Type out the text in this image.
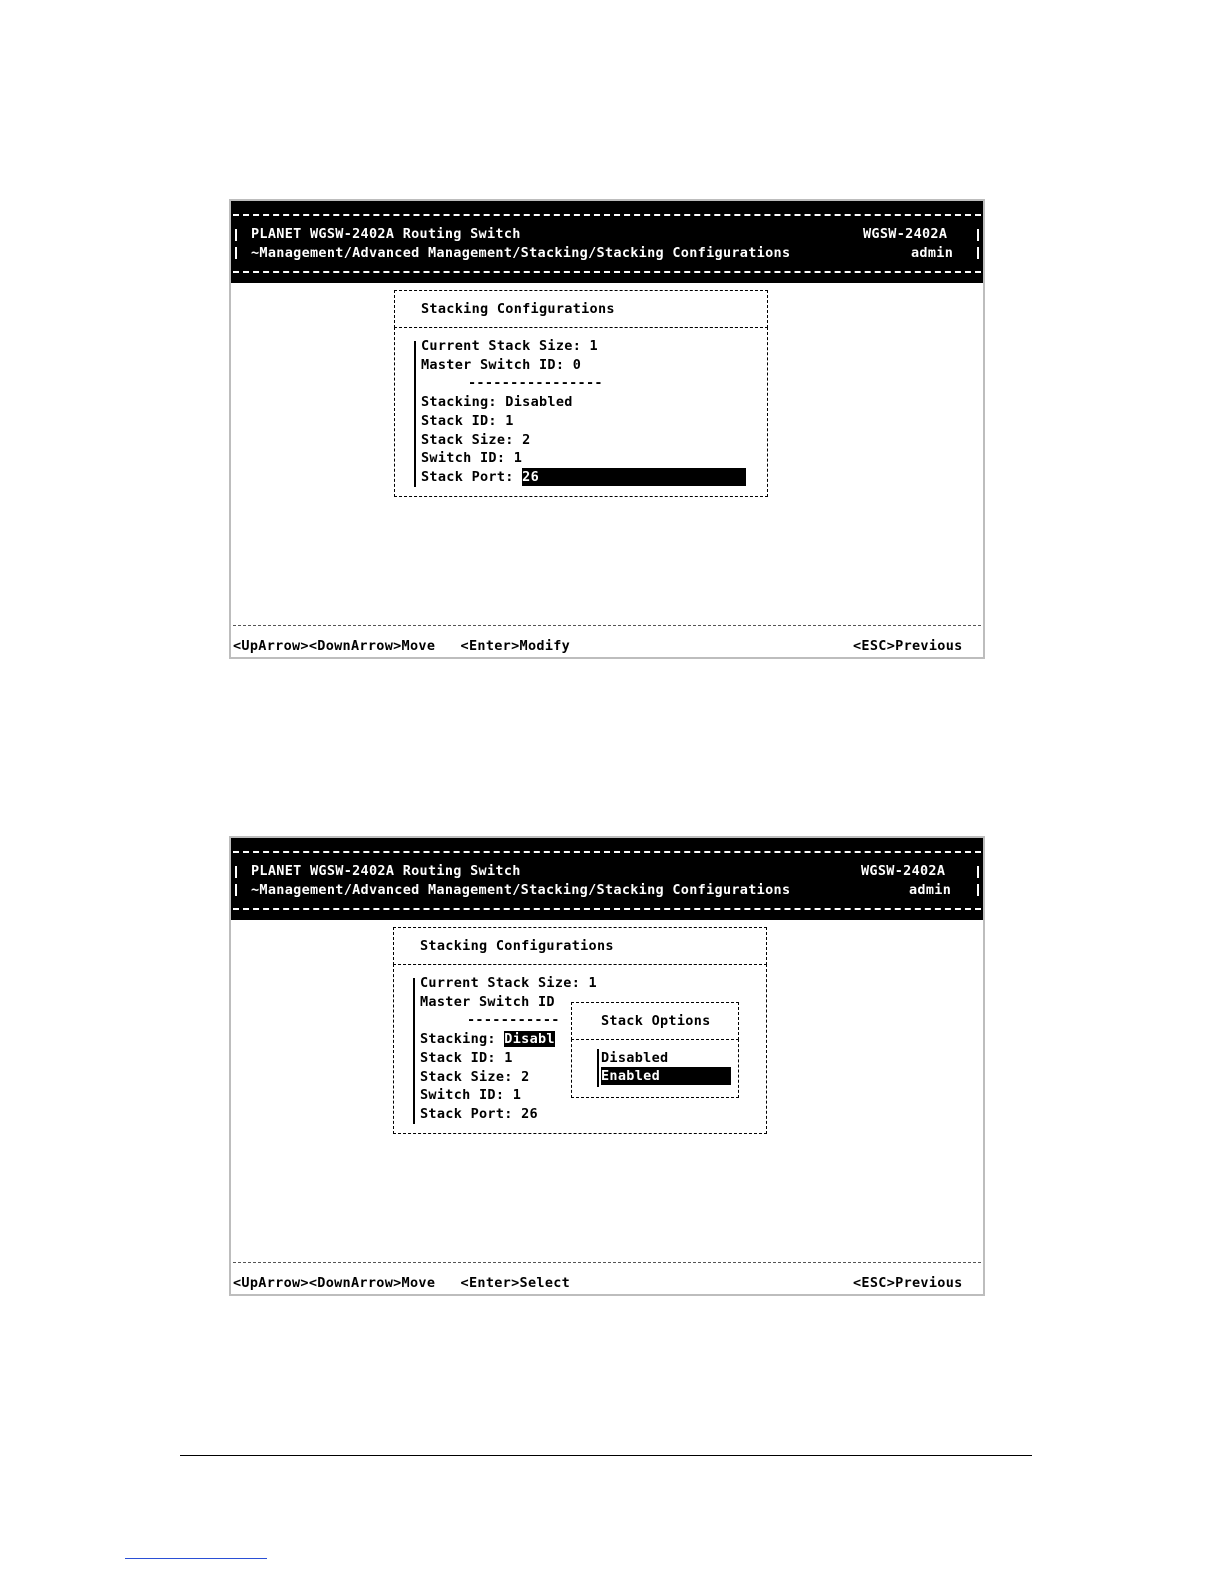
PLANET WGSW-2402A Routing Switch	WGSW-2402A
~Management/Advanced Management/Stacking/Stacking Configurations	admin
Stacking Configurations
Current Stack Size: 1
Master Switch ID: 0
----------------
Stacking: Disabled
Stack ID: 1
Stack Size: 2
Switch ID: 1
Stack Port: 26
<UpArrow><DownArrow>Move   <Enter>Modify	<ESC>Previous
PLANET WGSW-2402A Routing Switch	WGSW-2402A
~Management/Advanced Management/Stacking/Stacking Configurations	admin
Stacking Configurations
Current Stack Size: 1
Master Switch ID
-----------
Stacking: Disabl
Stack ID: 1
Stack Size: 2
Switch ID: 1
Stack Port: 26
Stack Options
Disabled
Enabled
<UpArrow><DownArrow>Move   <Enter>Select	<ESC>Previous
